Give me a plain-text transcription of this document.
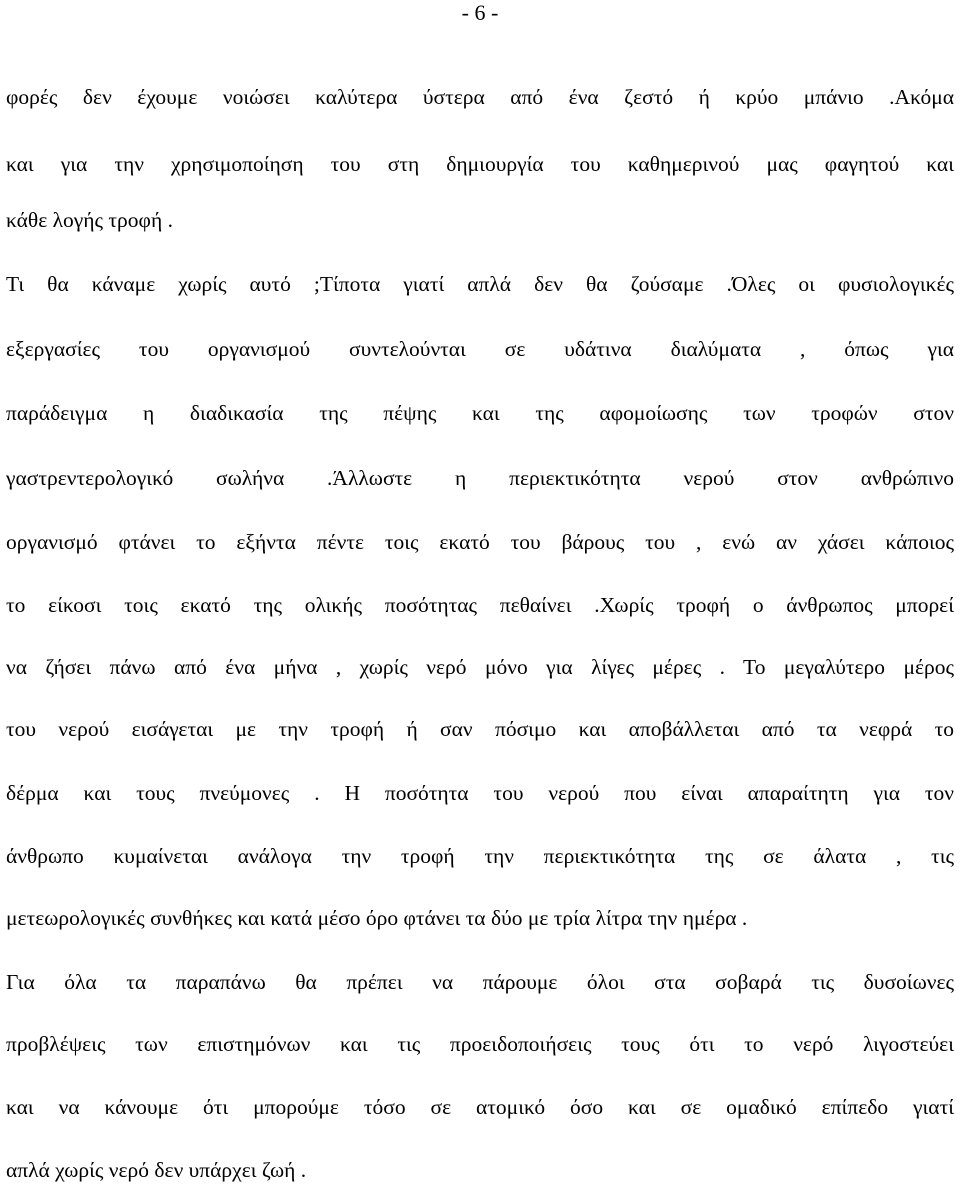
- 6 -
φορές δεν έχουμε νοιώσει καλύτερα ύστερα από ένα ζεστό ή κρύο μπάνιο .Ακόμα
και για την χρησιμοποίηση του στη δημιουργία του καθημερινού μας φαγητού και
κάθε λογής τροφή .
Τι θα κάναμε χωρίς αυτό ;Τίποτα γιατί απλά δεν θα ζούσαμε .Όλες οι φυσιολογικές
εξεργασίες του οργανισμού συντελούνται σε υδάτινα διαλύματα , όπως για
παράδειγμα η διαδικασία της πέψης και της αφομοίωσης των τροφών στον
γαστρεντερολογικό σωλήνα .Άλλωστε η περιεκτικότητα νερού στον ανθρώπινο
οργανισμό φτάνει το εξήντα πέντε τοις εκατό του βάρους του , ενώ αν χάσει κάποιος
το είκοσι τοις εκατό της ολικής ποσότητας πεθαίνει .Χωρίς τροφή ο άνθρωπος μπορεί
να ζήσει πάνω από ένα μήνα , χωρίς νερό μόνο για λίγες μέρες . Το μεγαλύτερο μέρος
του νερού εισάγεται με την τροφή ή σαν πόσιμο και αποβάλλεται από τα νεφρά το
δέρμα και τους πνεύμονες . Η ποσότητα του νερού που είναι απαραίτητη για τον
άνθρωπο κυμαίνεται ανάλογα την τροφή την περιεκτικότητα της σε άλατα , τις
μετεωρολογικές συνθήκες και κατά μέσο όρο φτάνει τα δύο με τρία λίτρα την ημέρα .
Για όλα τα παραπάνω θα πρέπει να πάρουμε όλοι στα σοβαρά τις δυσοίωνες
προβλέψεις των επιστημόνων και τις προειδοποιήσεις τους ότι το νερό λιγοστεύει
και να κάνουμε ότι μπορούμε τόσο σε ατομικό όσο και σε ομαδικό επίπεδο γιατί
απλά χωρίς νερό δεν υπάρχει ζωή .
